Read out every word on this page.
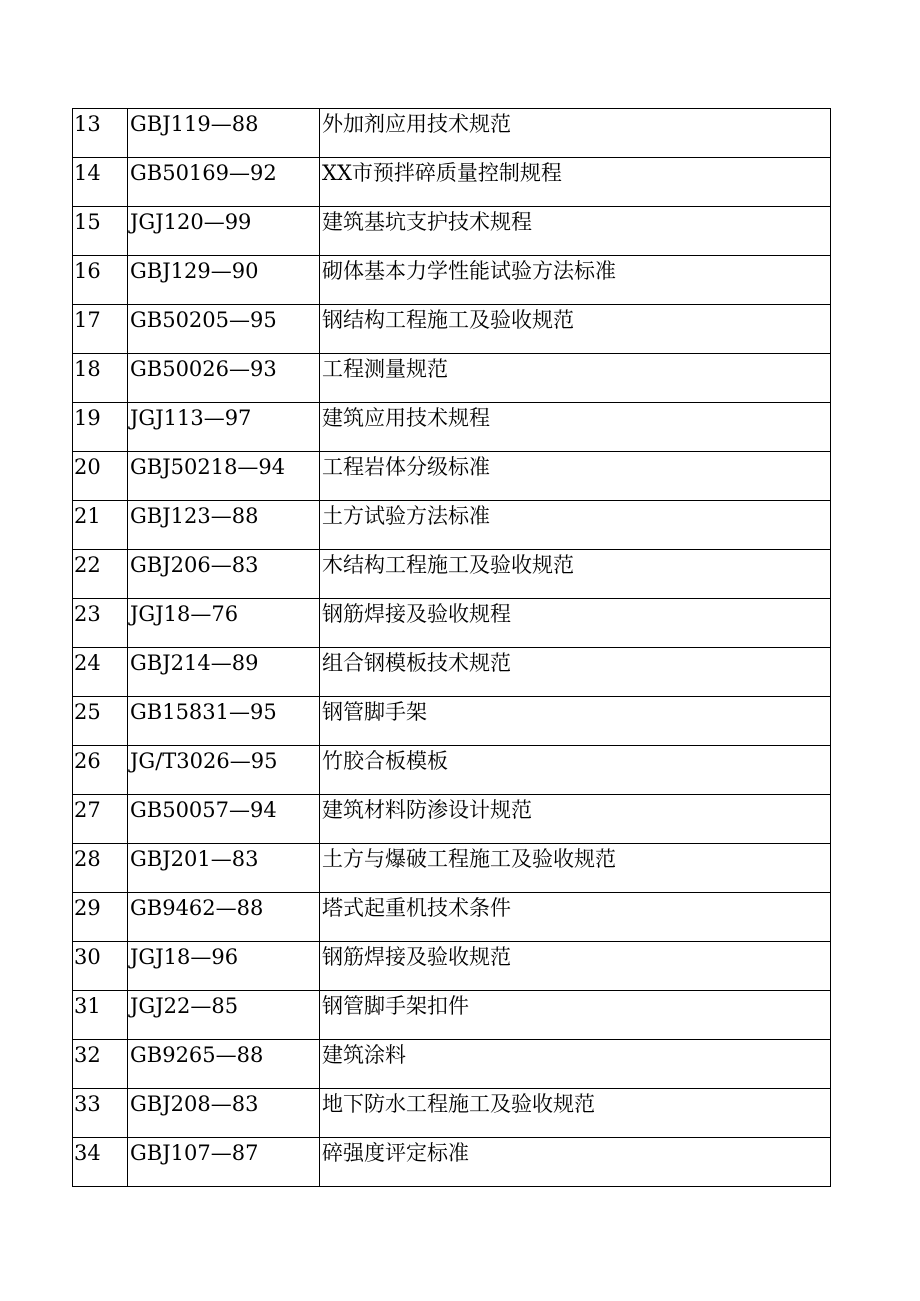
13	GBJ119—88	外加剂应用技术规范
14	GB50169—92	XX市预拌碎质量控制规程
15	JGJ120—99	建筑基坑支护技术规程
16	GBJ129—90	砌体基本力学性能试验方法标准
17	GB50205—95	钢结构工程施工及验收规范
18	GB50026—93	工程测量规范
19	JGJ113—97	建筑应用技术规程
20	GBJ50218—94	工程岩体分级标准
21	GBJ123—88	土方试验方法标准
22	GBJ206—83	木结构工程施工及验收规范
23	JGJ18—76	钢筋焊接及验收规程
24	GBJ214—89	组合钢模板技术规范
25	GB15831—95	钢管脚手架
26	JG/T3026—95	竹胶合板模板
27	GB50057—94	建筑材料防渗设计规范
28	GBJ201—83	土方与爆破工程施工及验收规范
29	GB9462—88	塔式起重机技术条件
30	JGJ18—96	钢筋焊接及验收规范
31	JGJ22—85	钢管脚手架扣件
32	GB9265—88	建筑涂料
33	GBJ208—83	地下防水工程施工及验收规范
34	GBJ107—87	碎强度评定标准
